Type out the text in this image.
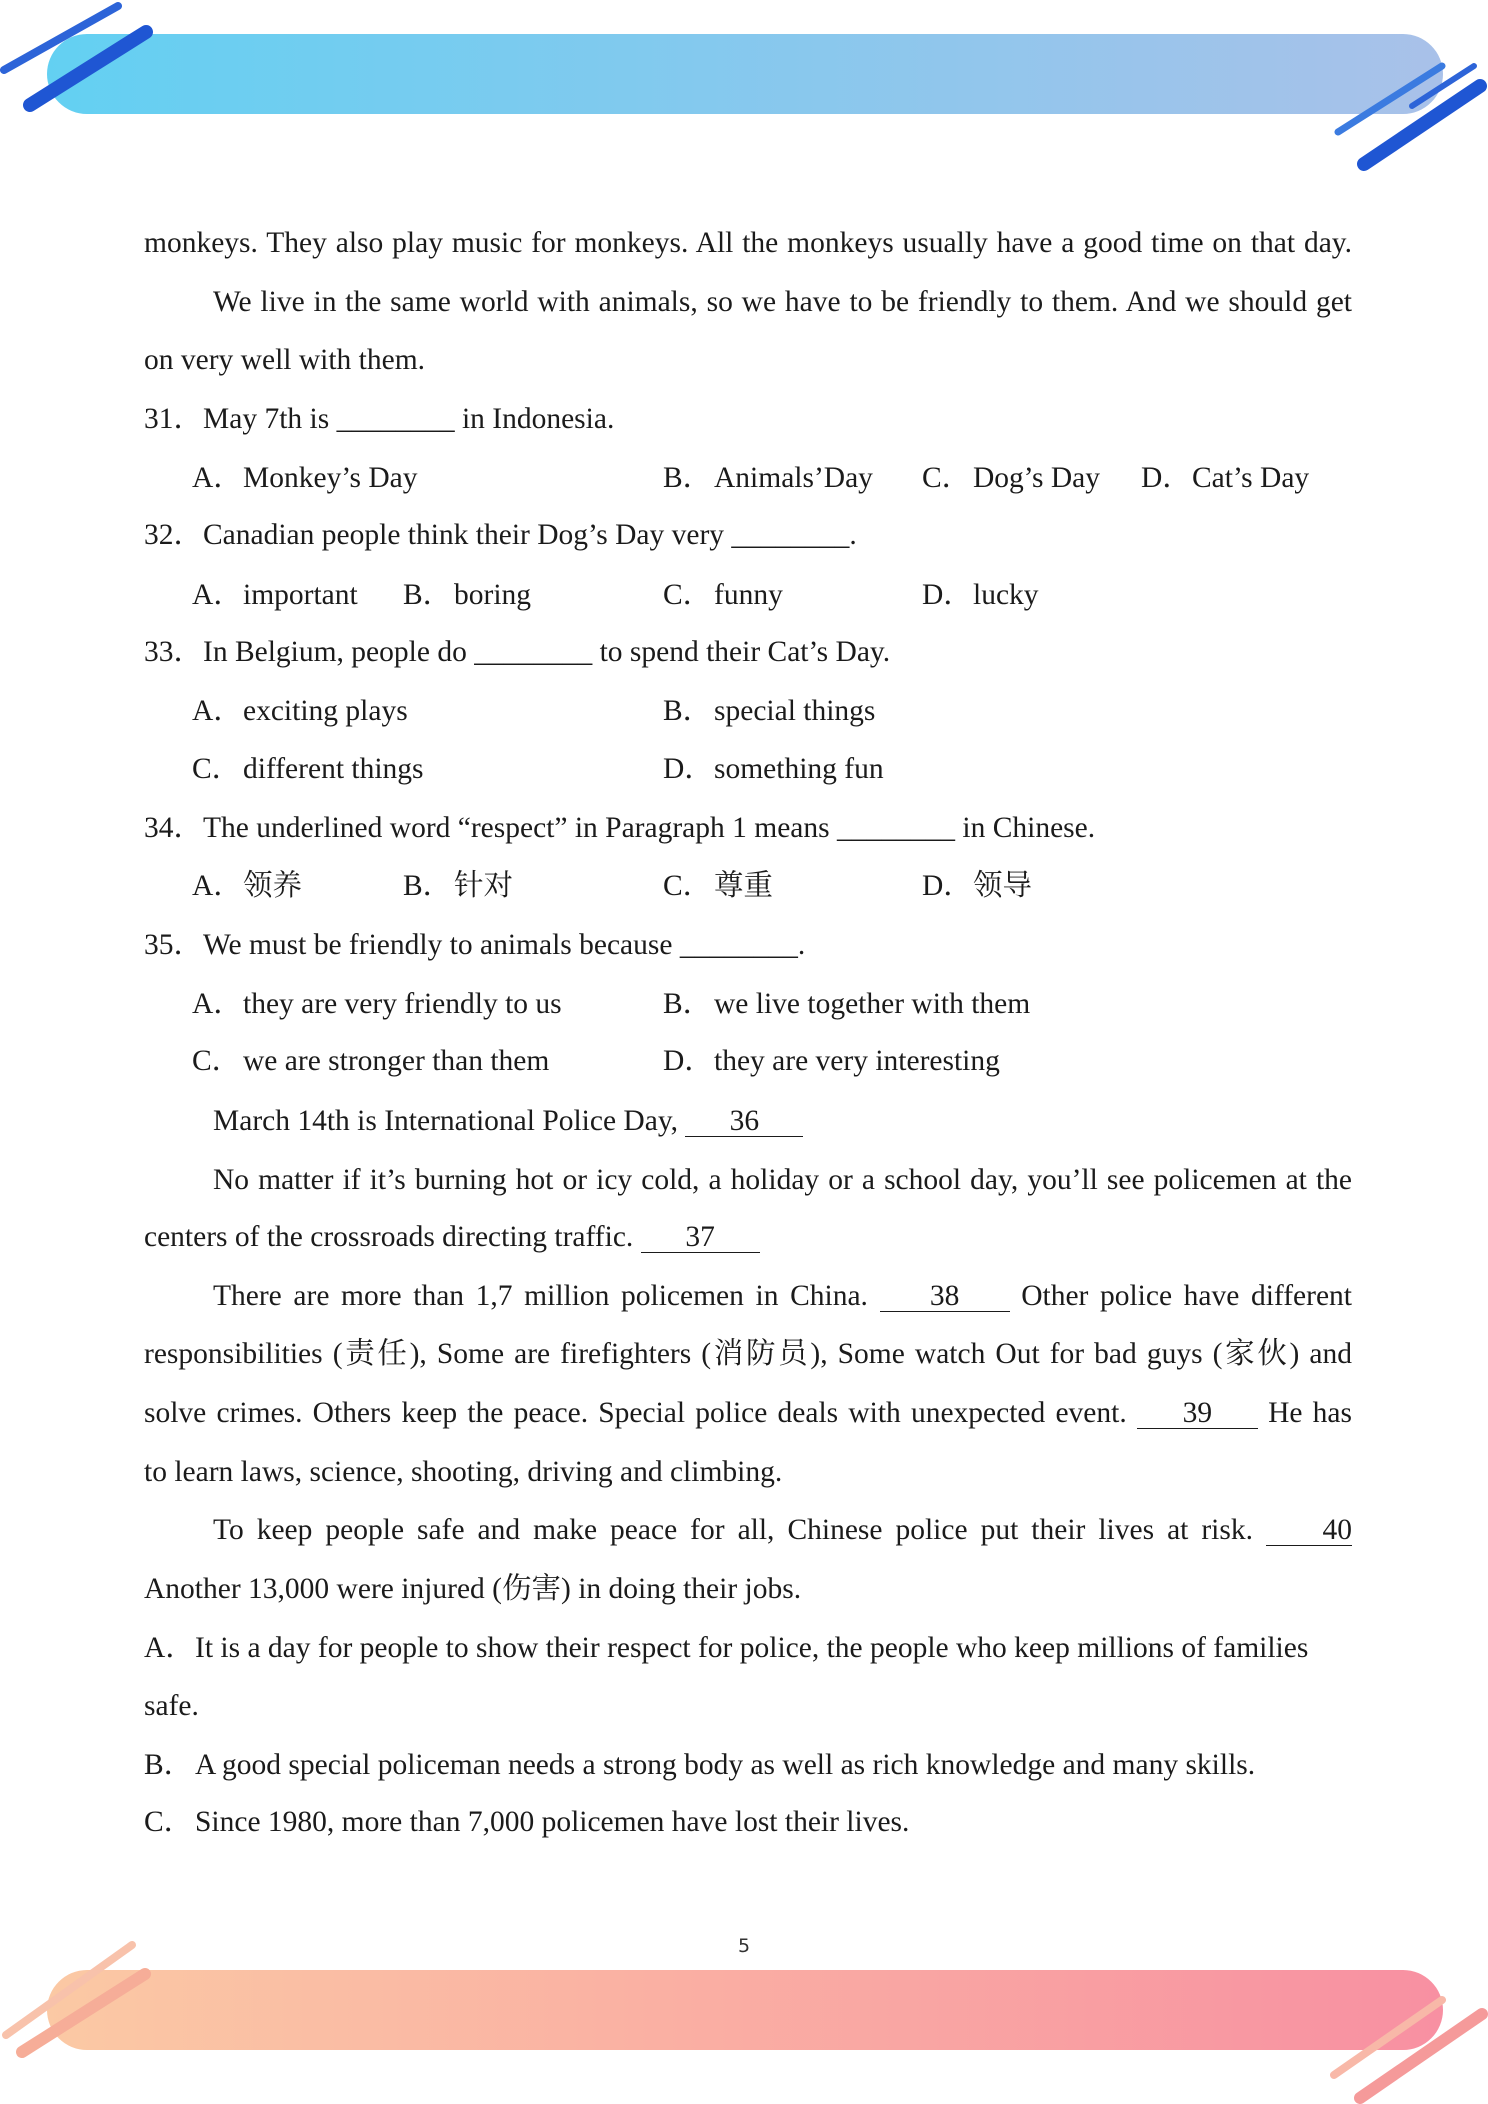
monkeys. They also play music for monkeys. All the monkeys usually have a good time on that day.
We live in the same world with animals, so we have to be friendly to them. And we should get
on very well with them.
31．May 7th is ________ in Indonesia.
A．Monkey’s Day	B．Animals’Day C．Dog’s Day D．Cat’s Day
32．Canadian people think their Dog’s Day very ________.
A．important B．boring	C．funny	D．lucky
33．In Belgium, people do ________ to spend their Cat’s Day.
A．exciting plays	B．special things
C．different things	D．something fun
34．The underlined word “respect” in Paragraph 1 means ________ in Chinese.
A．领养	B．针对	C．尊重	D．领导
35．We must be friendly to animals because ________.
A．they are very friendly to us	B．we live together with them
C．we are stronger than them	D．they are very interesting
March 14th is International Police Day, 36
No matter if it’s burning hot or icy cold, a holiday or a school day, you’ll see policemen at the
centers of the crossroads directing traffic. 37
There are more than 1,7 million policemen in China. 38 Other police have different
responsibilities (责任), Some are firefighters (消防员), Some watch Out for bad guys (家伙) and
solve crimes. Others keep the peace. Special police deals with unexpected event. 39 He has
to learn laws, science, shooting, driving and climbing.
To keep people safe and make peace for all, Chinese police put their lives at risk. 40
Another 13,000 were injured (伤害) in doing their jobs.
A．It is a day for people to show their respect for police, the people who keep millions of families
safe.
B．A good special policeman needs a strong body as well as rich knowledge and many skills.
C．Since 1980, more than 7,000 policemen have lost their lives.
5
